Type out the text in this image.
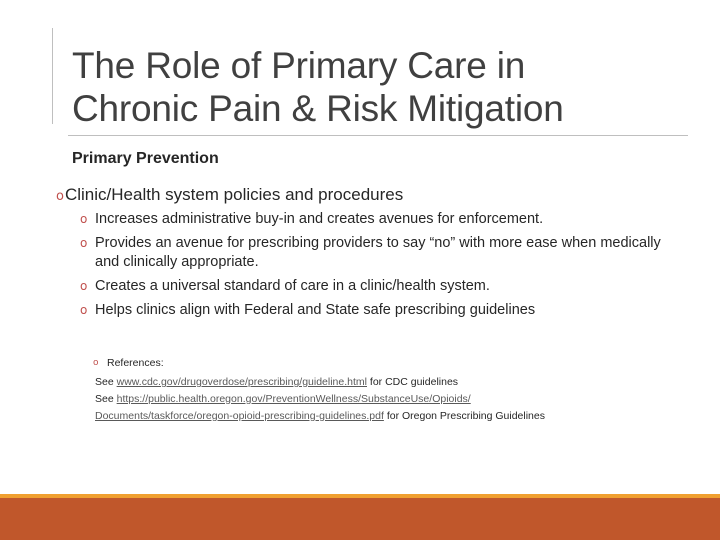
The Role of Primary Care in
Chronic Pain & Risk Mitigation
Primary Prevention
oClinic/Health system policies and procedures
o Increases administrative buy-in and creates avenues for enforcement.
o Provides an avenue for prescribing providers to say “no” with more ease when medically and clinically appropriate.
o Creates a universal standard of care in a clinic/health system.
o Helps clinics align with Federal and State safe prescribing guidelines
o References:
See www.cdc.gov/drugoverdose/prescribing/guideline.html for CDC guidelines
See https://public.health.oregon.gov/PreventionWellness/SubstanceUse/Opioids/
Documents/taskforce/oregon-opioid-prescribing-guidelines.pdf for Oregon Prescribing Guidelines
